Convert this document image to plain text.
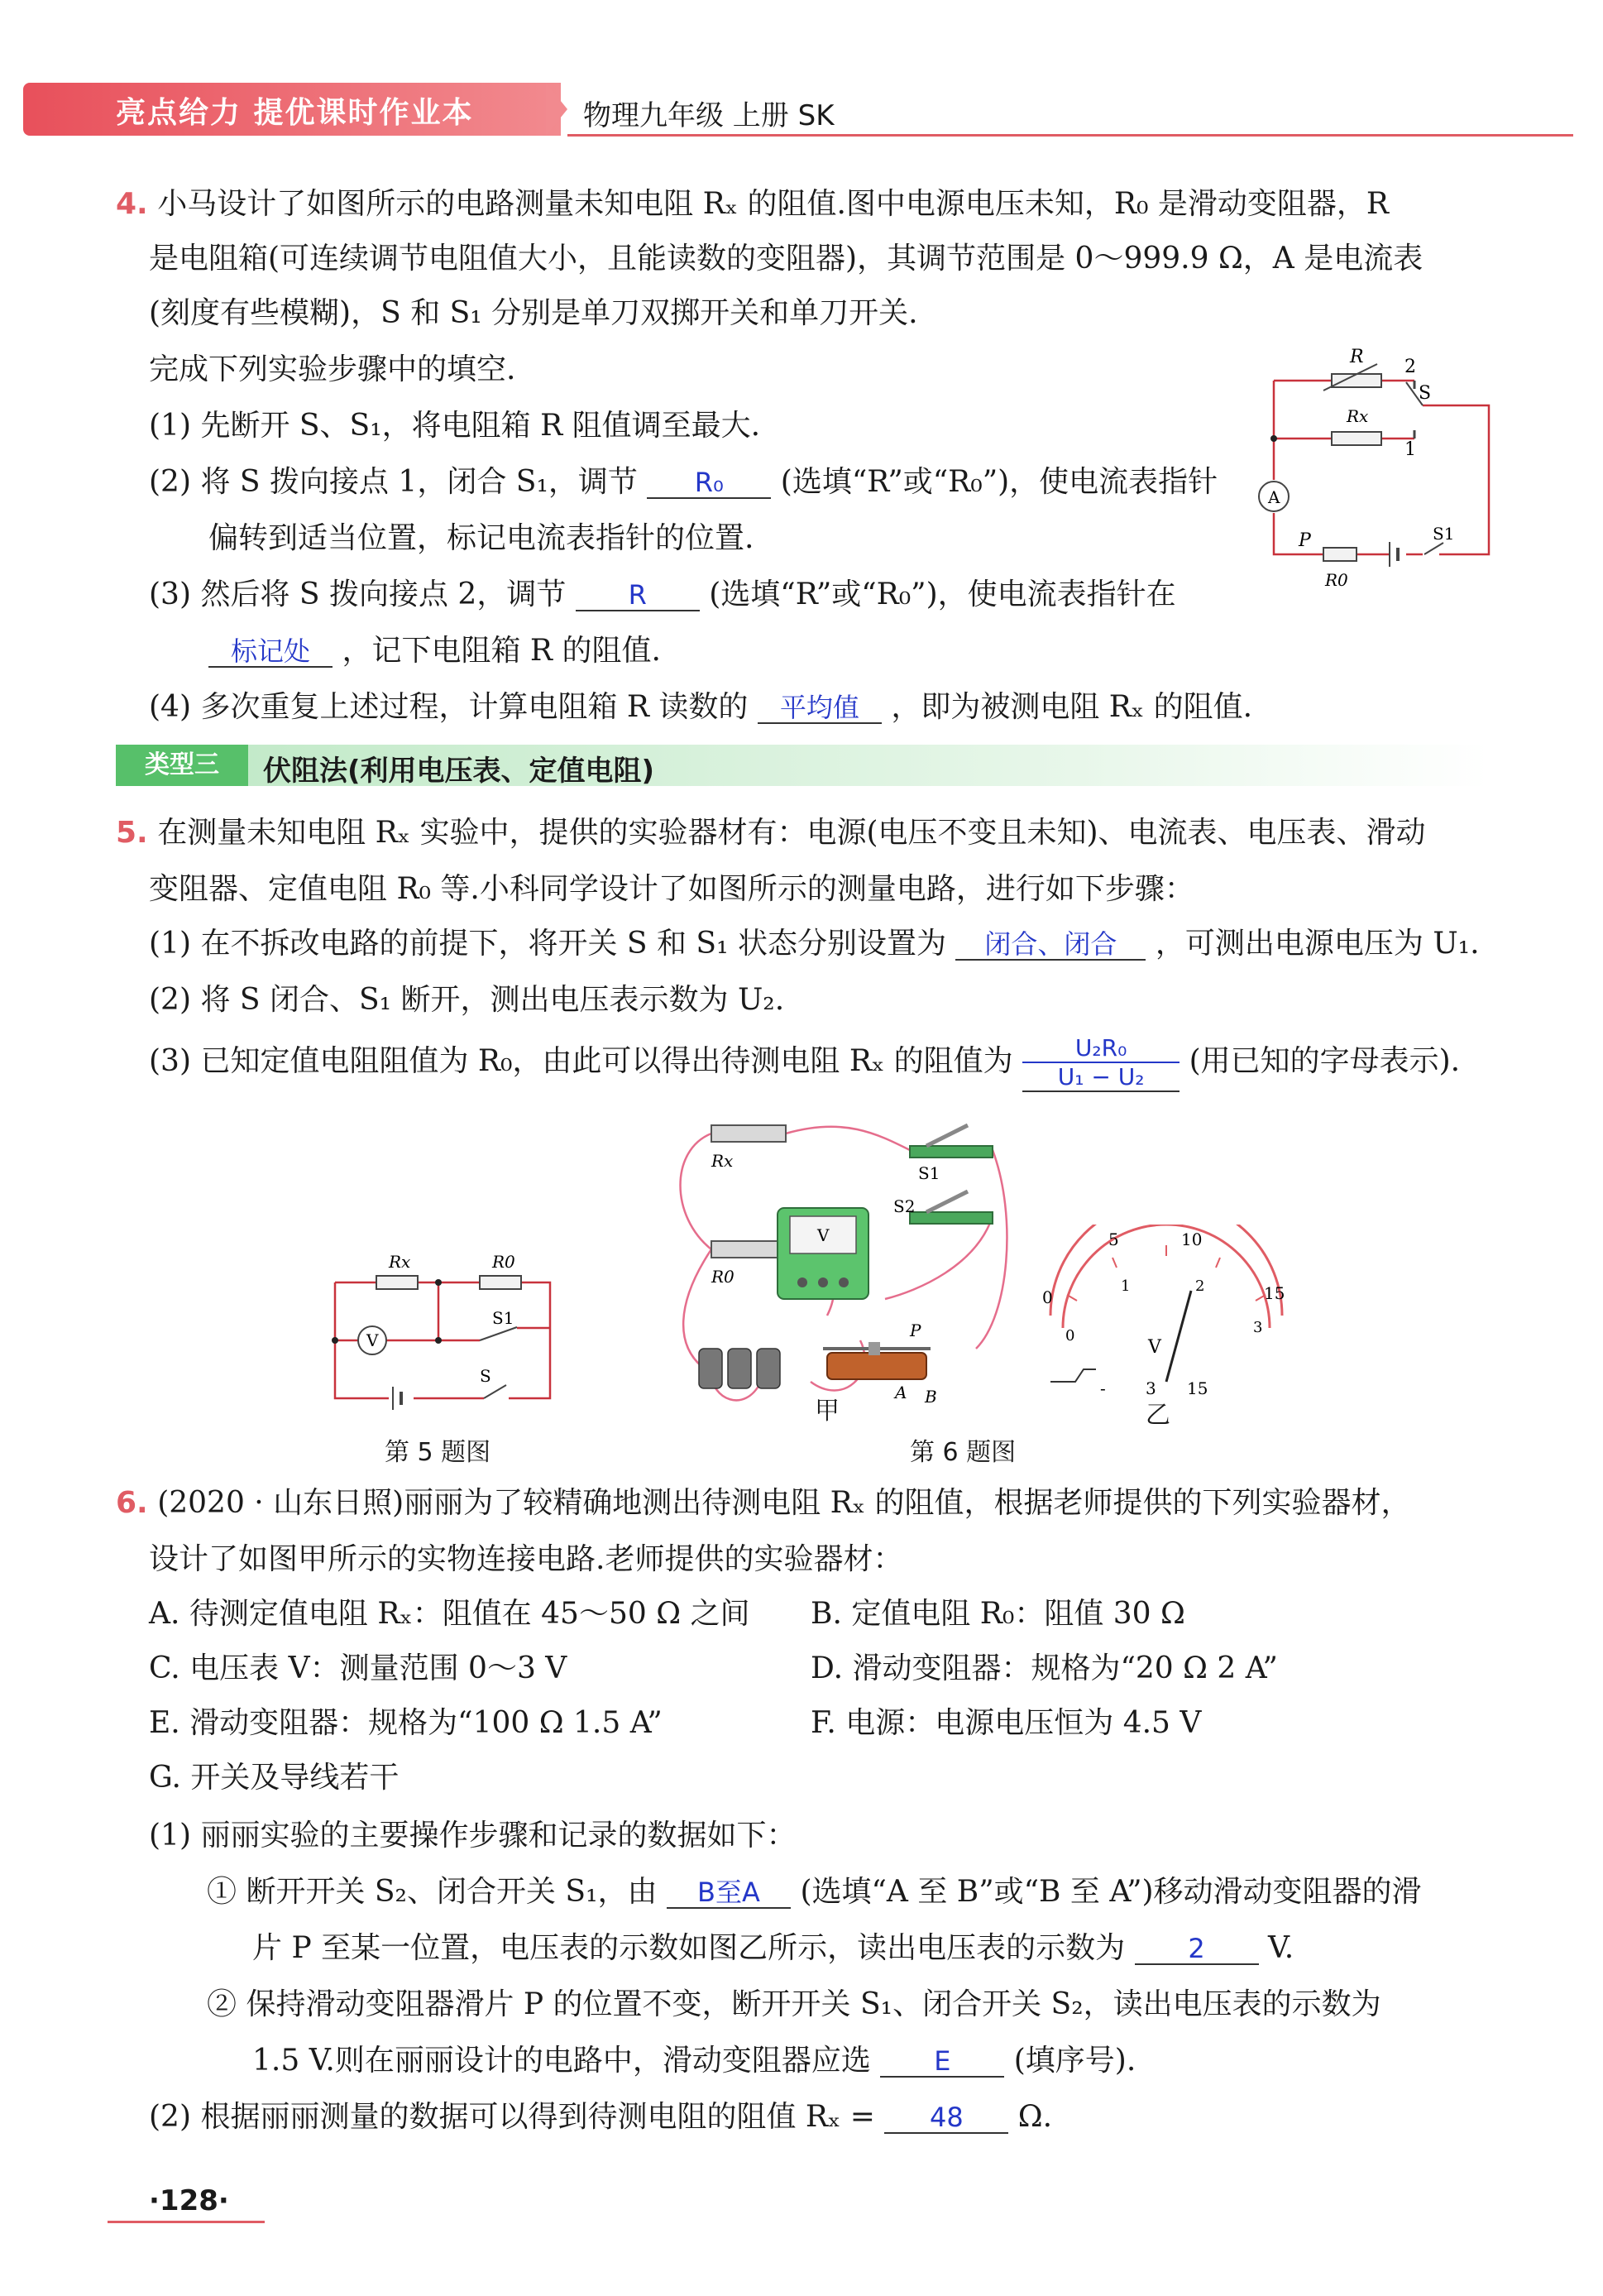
亮点给力 提优课时作业本	物理九年级 上册 SK
4. 小马设计了如图所示的电路测量未知电阻 Rₓ 的阻值.图中电源电压未知，R₀ 是滑动变阻器，R
是电阻箱(可连续调节电阻值大小，且能读数的变阻器)，其调节范围是 0～999.9 Ω，A 是电流表
(刻度有些模糊)，S 和 S₁ 分别是单刀双掷开关和单刀开关.
完成下列实验步骤中的填空.
(1) 先断开 S、S₁，将电阻箱 R 阻值调至最大.
(2) 将 S 拨向接点 1，闭合 S₁，调节 R₀ (选填“R”或“R₀”)，使电流表指针
偏转到适当位置，标记电流表指针的位置.
(3) 然后将 S 拨向接点 2，调节 R (选填“R”或“R₀”)，使电流表指针在
标记处 ，记下电阻箱 R 的阻值.
(4) 多次重复上述过程，计算电阻箱 R 读数的 平均值 ，即为被测电阻 Rₓ 的阻值.
R 2
S
Rx
1
A
P	S1
R0
类型三	伏阻法(利用电压表、定值电阻)
5. 在测量未知电阻 Rₓ 实验中，提供的实验器材有：电源(电压不变且未知)、电流表、电压表、滑动
变阻器、定值电阻 R₀ 等.小科同学设计了如图所示的测量电路，进行如下步骤：
(1) 在不拆改电路的前提下，将开关 S 和 S₁ 状态分别设置为 闭合、闭合 ，可测出电源电压为 U₁.
(2) 将 S 闭合、S₁ 断开，测出电压表示数为 U₂.
(3) 已知定值电阻阻值为 R₀，由此可以得出待测电阻 Rₓ 的阻值为 $\frac{\text{U₂R₀}}{\text{U₁ − U₂}}$ (用已知的字母表示).
Rx	R0
V
S1
S
第 5 题图
Rx
R0
S1
S2
V
P
A B
甲
0
5	10
15
0
1	2
3
V
- 3 15
乙
第 6 题图
6. (2020 · 山东日照)丽丽为了较精确地测出待测电阻 Rₓ 的阻值，根据老师提供的下列实验器材，
设计了如图甲所示的实物连接电路.老师提供的实验器材：
A. 待测定值电阻 Rₓ：阻值在 45～50 Ω 之间 B. 定值电阻 R₀：阻值 30 Ω
C. 电压表 V：测量范围 0～3 V	D. 滑动变阻器：规格为“20 Ω 2 A”
E. 滑动变阻器：规格为“100 Ω 1.5 A”	F. 电源：电源电压恒为 4.5 V
G. 开关及导线若干
(1) 丽丽实验的主要操作步骤和记录的数据如下：
① 断开开关 S₂、闭合开关 S₁，由 B至A (选填“A 至 B”或“B 至 A”)移动滑动变阻器的滑
片 P 至某一位置，电压表的示数如图乙所示，读出电压表的示数为 2 V.
② 保持滑动变阻器滑片 P 的位置不变，断开开关 S₁、闭合开关 S₂，读出电压表的示数为
1.5 V.则在丽丽设计的电路中，滑动变阻器应选 E (填序号).
(2) 根据丽丽测量的数据可以得到待测电阻的阻值 Rₓ = 48 Ω.
·128·
